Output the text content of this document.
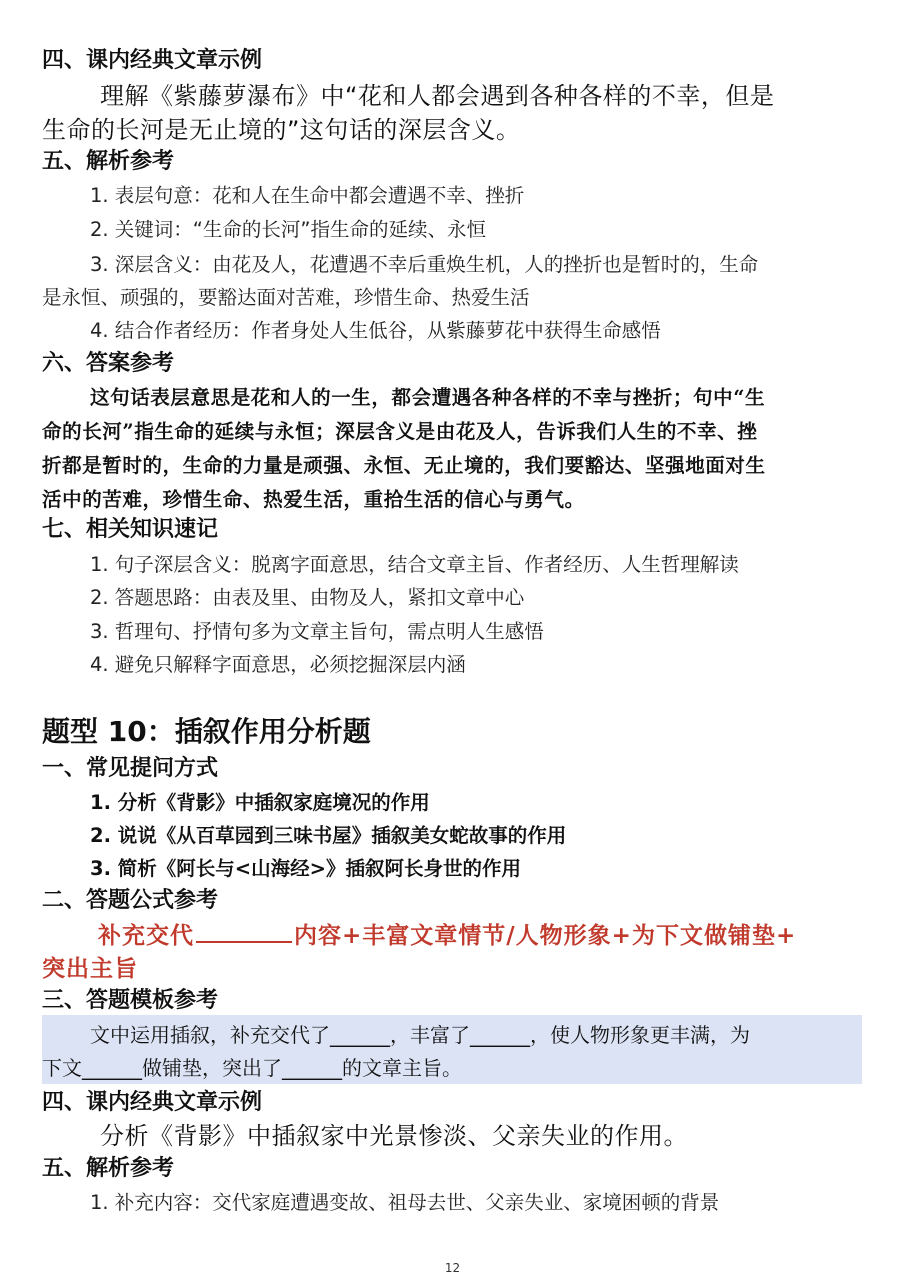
四、课内经典文章示例
理解《紫藤萝瀑布》中“花和人都会遇到各种各样的不幸，但是
生命的长河是无止境的”这句话的深层含义。
五、解析参考
1. 表层句意：花和人在生命中都会遭遇不幸、挫折
2. 关键词：“生命的长河”指生命的延续、永恒
3. 深层含义：由花及人，花遭遇不幸后重焕生机，人的挫折也是暂时的，生命
是永恒、顽强的，要豁达面对苦难，珍惜生命、热爱生活
4. 结合作者经历：作者身处人生低谷，从紫藤萝花中获得生命感悟
六、答案参考
这句话表层意思是花和人的一生，都会遭遇各种各样的不幸与挫折；句中“生
命的长河”指生命的延续与永恒；深层含义是由花及人，告诉我们人生的不幸、挫
折都是暂时的，生命的力量是顽强、永恒、无止境的，我们要豁达、坚强地面对生
活中的苦难，珍惜生命、热爱生活，重拾生活的信心与勇气。
七、相关知识速记
1. 句子深层含义：脱离字面意思，结合文章主旨、作者经历、人生哲理解读
2. 答题思路：由表及里、由物及人，紧扣文章中心
3. 哲理句、抒情句多为文章主旨句，需点明人生感悟
4. 避免只解释字面意思，必须挖掘深层内涵
题型 10：插叙作用分析题
一、常见提问方式
1. 分析《背影》中插叙家庭境况的作用
2. 说说《从百草园到三味书屋》插叙美女蛇故事的作用
3. 简析《阿长与<山海经>》插叙阿长身世的作用
二、答题公式参考
补充交代	内容+丰富文章情节/人物形象+为下文做铺垫+
突出主旨
三、答题模板参考
文中运用插叙，补充交代了______，丰富了______，使人物形象更丰满，为
下文______做铺垫，突出了______的文章主旨。
四、课内经典文章示例
分析《背影》中插叙家中光景惨淡、父亲失业的作用。
五、解析参考
1. 补充内容：交代家庭遭遇变故、祖母去世、父亲失业、家境困顿的背景
12
